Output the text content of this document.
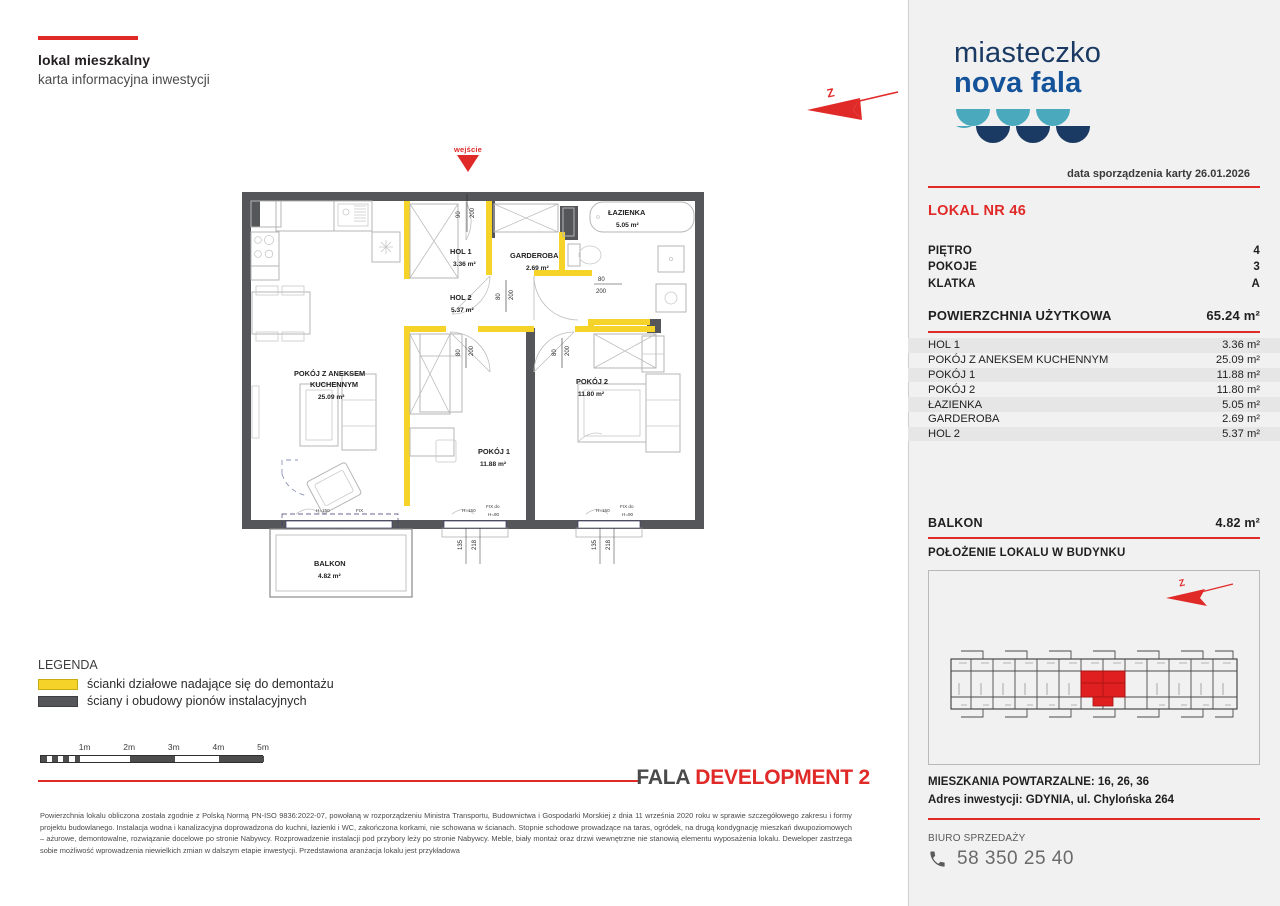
lokal mieszkalny
karta informacyjna inwestycji
Z
wejście
90 200
80 200
80
200
80 200	80 200
H=150	FIX	H=150
FIX do
H=90
135 218
H=150
FIX do
H=90
135 218
HOL 1
3.36 m²
HOL 2
5.37 m²
GARDEROBA
2.69 m²
ŁAZIENKA
5.05 m²
POKÓJ Z ANEKSEM
KUCHENNYM
25.09 m²
POKÓJ 1
11.88 m²
POKÓJ 2
11.80 m²
BALKON
4.82 m²
LEGENDA
ścianki działowe nadające się do demontażu
ściany i obudowy pionów instalacyjnych
1m	2m	3m	4m	5m
FALA DEVELOPMENT 2
Powierzchnia lokalu obliczona została zgodnie z Polską Normą PN-ISO 9836:2022-07, powołaną w rozporządzeniu Ministra Transportu, Budownictwa i Gospodarki Morskiej z dnia 11 września 2020 roku w sprawie szczegółowego zakresu i formy projektu budowlanego. Instalacja wodna i kanalizacyjna doprowadzona do kuchni, łazienki i WC, zakończona korkami, nie schowana w ścianach. Stopnie schodowe prowadzące na taras, ogródek, na drugą kondygnację mieszkań dwupoziomowych – ażurowe, demontowalne, rozwiązanie docelowe po stronie Nabywcy. Rozprowadzenie instalacji pod przybory leży po stronie Nabywcy. Meble, biały montaż oraz drzwi wewnętrzne nie stanowią elementu wyposażenia lokalu. Deweloper zastrzega sobie możliwość wprowadzenia niewielkich zmian w dalszym etapie inwestycji. Przedstawiona aranżacja lokalu jest przykładowa
miasteczko
nova fala
data sporządzenia karty 26.01.2026
LOKAL NR 46
PIĘTRO	4
POKOJE	3
KLATKA	A
POWIERZCHNIA UŻYTKOWA	65.24 m²
HOL 1	3.36 m²
POKÓJ Z ANEKSEM KUCHENNYM	25.09 m²
POKÓJ 1	11.88 m²
POKÓJ 2	11.80 m²
ŁAZIENKA	5.05 m²
GARDEROBA	2.69 m²
HOL 2	5.37 m²
BALKON	4.82 m²
POŁOŻENIE LOKALU W BUDYNKU
Z
MIESZKANIA POWTARZALNE: 16, 26, 36
Adres inwestycji: GDYNIA, ul. Chylońska 264
BIURO SPRZEDAŻY
58 350 25 40
